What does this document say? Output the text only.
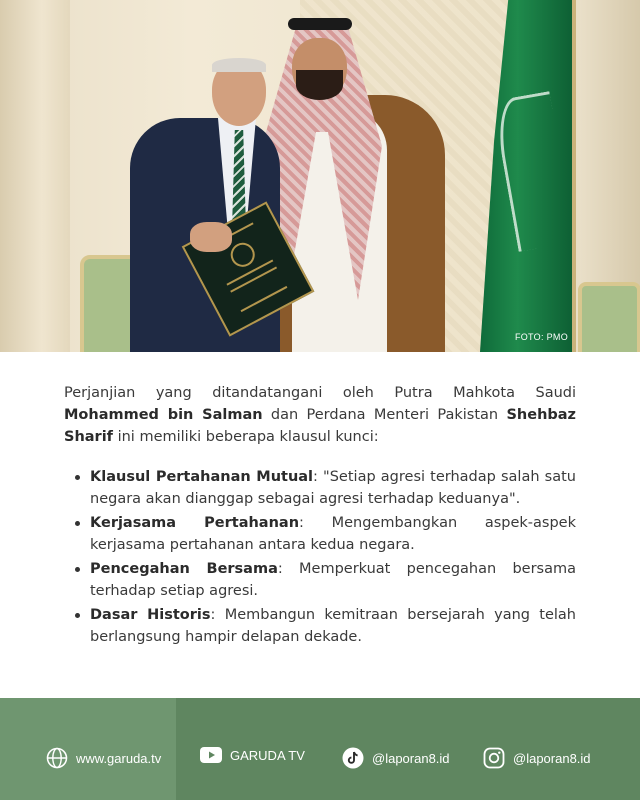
FOTO: PMO

Perjanjian yang ditandatangani oleh Putra Mahkota Saudi Mohammed bin Salman dan Perdana Menteri Pakistan Shehbaz Sharif ini memiliki beberapa klausul kunci:

Klausul Pertahanan Mutual: "Setiap agresi terhadap salah satu negara akan dianggap sebagai agresi terhadap keduanya".
Kerjasama Pertahanan: Mengembangkan aspek-aspek kerjasama pertahanan antara kedua negara.
Pencegahan Bersama: Memperkuat pencegahan bersama terhadap setiap agresi.
Dasar Historis: Membangun kemitraan bersejarah yang telah berlangsung hampir delapan dekade.
www.garuda.tv	GARUDA TV	@laporan8.id	@laporan8.id
